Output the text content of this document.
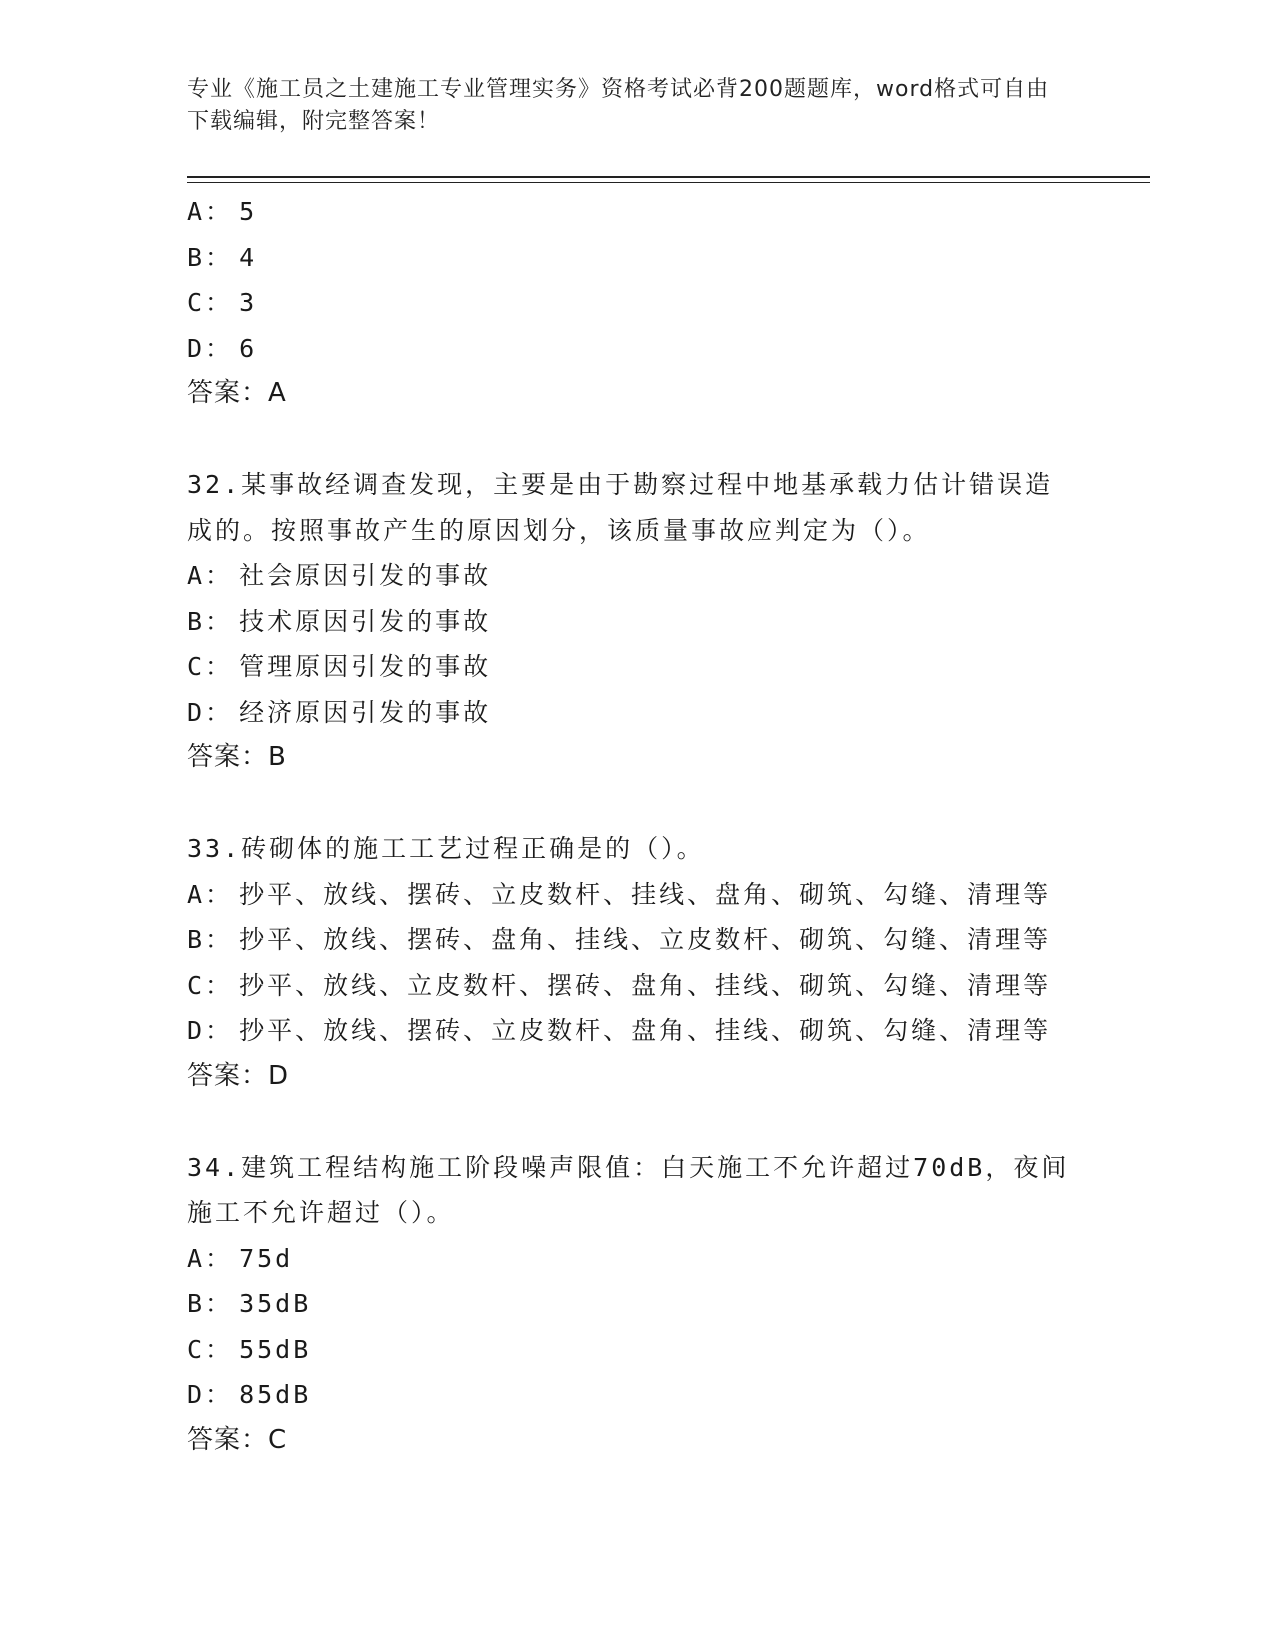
专业《施工员之土建施工专业管理实务》资格考试必背200题题库，word格式可自由下载编辑，附完整答案！
A： 5
B： 4
C： 3
D： 6
答案：A
32.某事故经调查发现，主要是由于勘察过程中地基承载力估计错误造成的。按照事故产生的原因划分，该质量事故应判定为（）。
A： 社会原因引发的事故
B： 技术原因引发的事故
C： 管理原因引发的事故
D： 经济原因引发的事故
答案：B
33.砖砌体的施工工艺过程正确是的（）。
A： 抄平、放线、摆砖、立皮数杆、挂线、盘角、砌筑、勾缝、清理等
B： 抄平、放线、摆砖、盘角、挂线、立皮数杆、砌筑、勾缝、清理等
C： 抄平、放线、立皮数杆、摆砖、盘角、挂线、砌筑、勾缝、清理等
D： 抄平、放线、摆砖、立皮数杆、盘角、挂线、砌筑、勾缝、清理等
答案：D
34.建筑工程结构施工阶段噪声限值：白天施工不允许超过70dB，夜间施工不允许超过（）。
A： 75d
B： 35dB
C： 55dB
D： 85dB
答案：C
